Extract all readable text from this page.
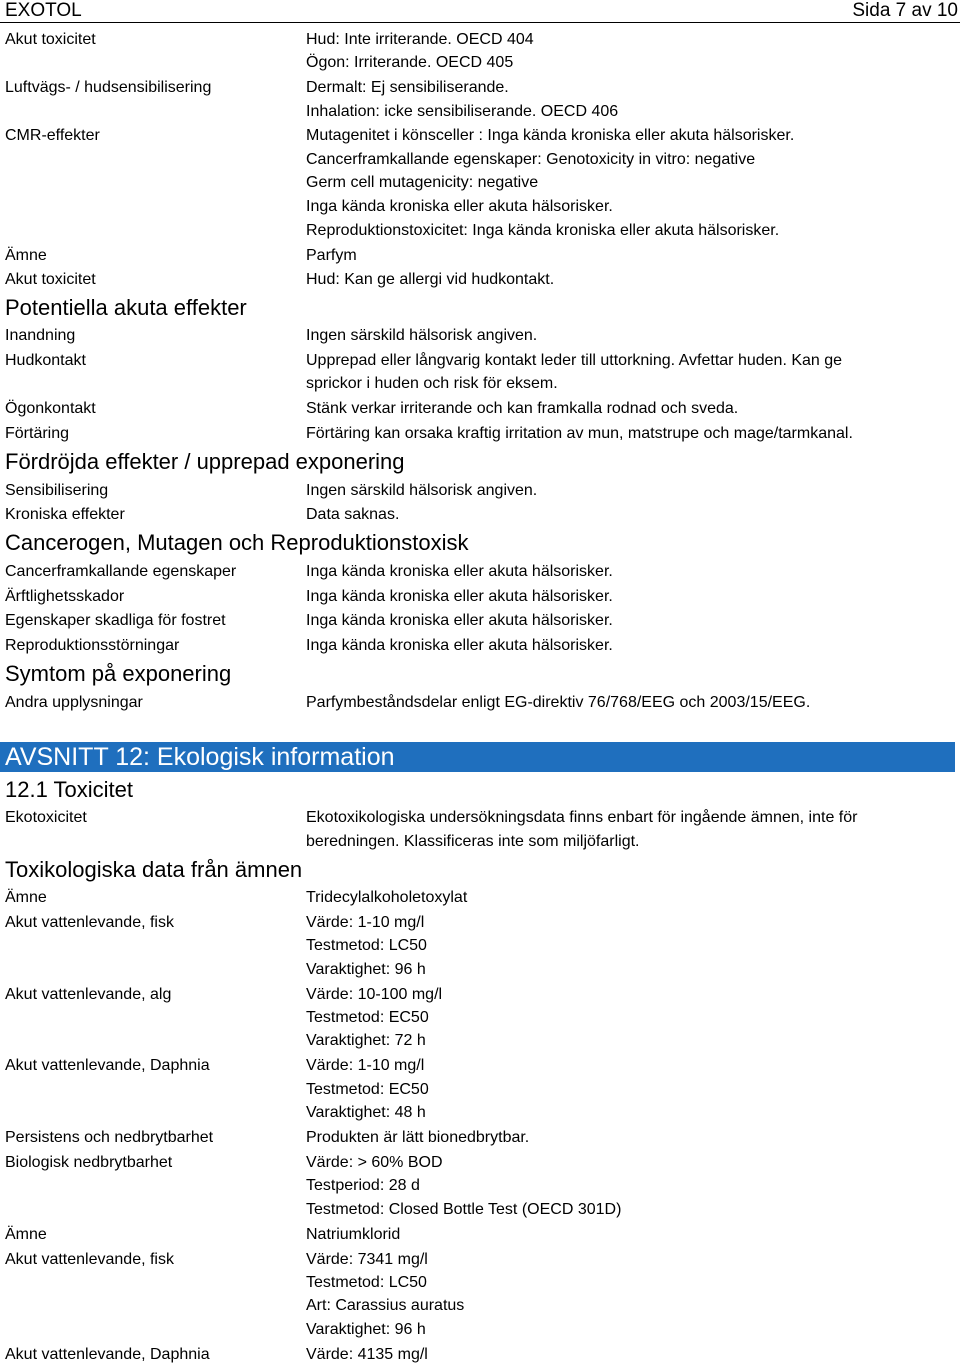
EXOTOL	Sida 7 av 10
Akut toxicitet	Hud: Inte irriterande. OECD 404
Ögon: Irriterande. OECD 405
Luftvägs- / hudsensibilisering	Dermalt: Ej sensibiliserande.
Inhalation: icke sensibiliserande. OECD 406
CMR-effekter	Mutagenitet i könsceller : Inga kända kroniska eller akuta hälsorisker.
Cancerframkallande egenskaper: Genotoxicity in vitro: negative
Germ cell mutagenicity: negative
Inga kända kroniska eller akuta hälsorisker.
Reproduktionstoxicitet: Inga kända kroniska eller akuta hälsorisker.
Ämne	Parfym
Akut toxicitet	Hud: Kan ge allergi vid hudkontakt.
Potentiella akuta effekter
Inandning	Ingen särskild hälsorisk angiven.
Hudkontakt	Upprepad eller långvarig kontakt leder till uttorkning. Avfettar huden. Kan ge
sprickor i huden och risk för eksem.
Ögonkontakt	Stänk verkar irriterande och kan framkalla rodnad och sveda.
Förtäring	Förtäring kan orsaka kraftig irritation av mun, matstrupe och mage/tarmkanal.
Fördröjda effekter / upprepad exponering
Sensibilisering	Ingen särskild hälsorisk angiven.
Kroniska effekter	Data saknas.
Cancerogen, Mutagen och Reproduktionstoxisk
Cancerframkallande egenskaper	Inga kända kroniska eller akuta hälsorisker.
Ärftlighetsskador	Inga kända kroniska eller akuta hälsorisker.
Egenskaper skadliga för fostret	Inga kända kroniska eller akuta hälsorisker.
Reproduktionsstörningar	Inga kända kroniska eller akuta hälsorisker.
Symtom på exponering
Andra upplysningar	Parfymbeståndsdelar enligt EG-direktiv 76/768/EEG och 2003/15/EEG.
AVSNITT 12: Ekologisk information
12.1 Toxicitet
Ekotoxicitet	Ekotoxikologiska undersökningsdata finns enbart för ingående ämnen, inte för
beredningen. Klassificeras inte som miljöfarligt.
Toxikologiska data från ämnen
Ämne	Tridecylalkoholetoxylat
Akut vattenlevande, fisk	Värde: 1-10 mg/l
Testmetod: LC50
Varaktighet: 96 h
Akut vattenlevande, alg	Värde: 10-100 mg/l
Testmetod: EC50
Varaktighet: 72 h
Akut vattenlevande, Daphnia	Värde: 1-10 mg/l
Testmetod: EC50
Varaktighet: 48 h
Persistens och nedbrytbarhet	Produkten är lätt bionedbrytbar.
Biologisk nedbrytbarhet	Värde: > 60% BOD
Testperiod: 28 d
Testmetod: Closed Bottle Test (OECD 301D)
Ämne	Natriumklorid
Akut vattenlevande, fisk	Värde: 7341 mg/l
Testmetod: LC50
Art: Carassius auratus
Varaktighet: 96 h
Akut vattenlevande, Daphnia	Värde: 4135 mg/l
